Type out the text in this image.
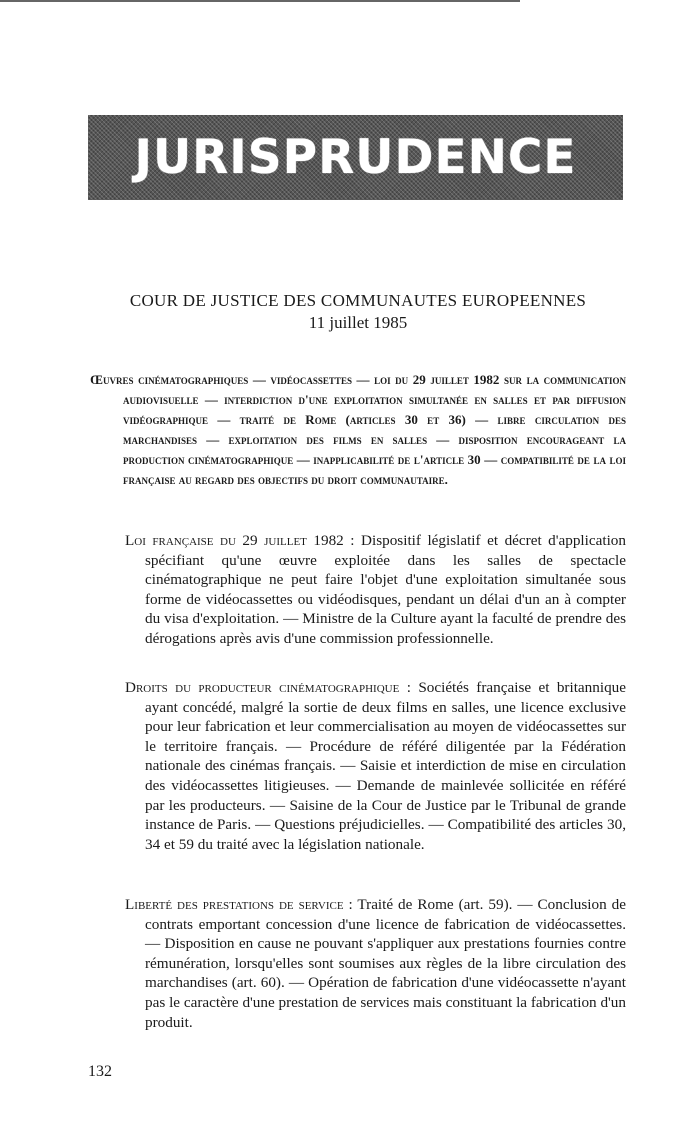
JURISPRUDENCE
COUR DE JUSTICE DES COMMUNAUTES EUROPEENNES
11 juillet 1985
Œuvres cinématographiques — vidéocassettes — loi du 29 juillet 1982 sur la communication audiovisuelle — interdiction d'une exploitation simultanée en salles et par diffusion vidéographique — traité de Rome (articles 30 et 36) — libre circulation des marchandises — exploitation des films en salles — disposition encourageant la production cinématographique — inapplicabilité de l'article 30 — compatibilité de la loi française au regard des objectifs du droit communautaire.
Loi française du 29 juillet 1982 : Dispositif législatif et décret d'application spécifiant qu'une œuvre exploitée dans les salles de spectacle cinématographique ne peut faire l'objet d'une exploitation simultanée sous forme de vidéocassettes ou vidéodisques, pendant un délai d'un an à compter du visa d'exploitation. — Ministre de la Culture ayant la faculté de prendre des dérogations après avis d'une commission professionnelle.
Droits du producteur cinématographique : Sociétés française et britannique ayant concédé, malgré la sortie de deux films en salles, une licence exclusive pour leur fabrication et leur commercialisation au moyen de vidéocassettes sur le territoire français. — Procédure de référé diligentée par la Fédération nationale des cinémas français. — Saisie et interdiction de mise en circulation des vidéocassettes litigieuses. — Demande de mainlevée sollicitée en référé par les producteurs. — Saisine de la Cour de Justice par le Tribunal de grande instance de Paris. — Questions préjudicielles. — Compatibilité des articles 30, 34 et 59 du traité avec la législation nationale.
Liberté des prestations de service : Traité de Rome (art. 59). — Conclusion de contrats emportant concession d'une licence de fabrication de vidéocassettes. — Disposition en cause ne pouvant s'appliquer aux prestations fournies contre rémunération, lorsqu'elles sont soumises aux règles de la libre circulation des marchandises (art. 60). — Opération de fabrication d'une vidéocassette n'ayant pas le caractère d'une prestation de services mais constituant la fabrication d'un produit.
132
